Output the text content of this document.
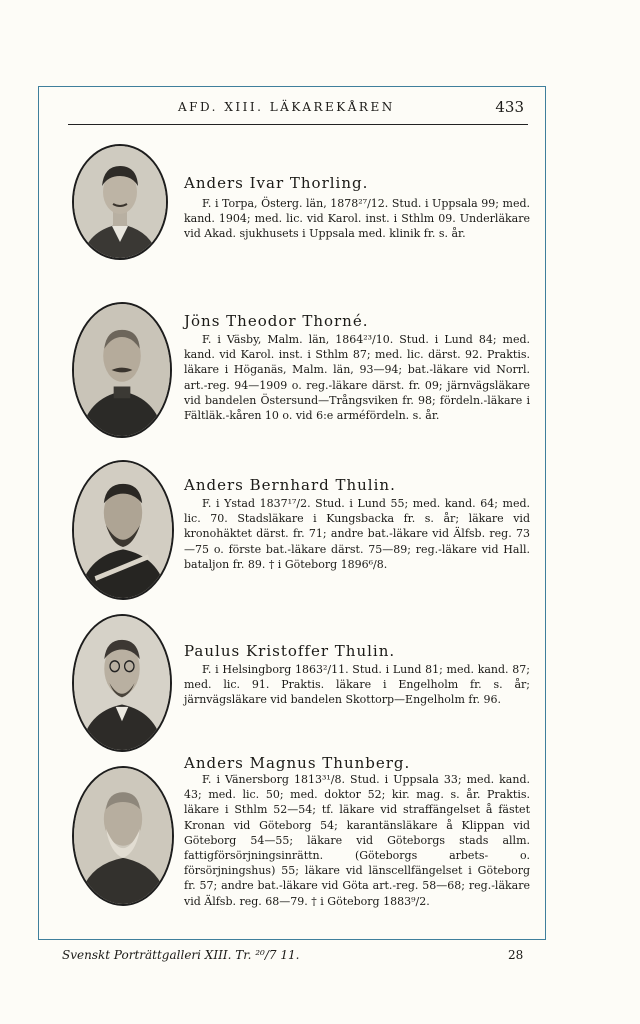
AFD. XIII. LÄKAREKÅREN	433
Anders Ivar Thorling.
F. i Torpa, Österg. län, 1878²⁷/12. Stud. i Uppsala 99; med. kand. 1904; med. lic. vid Karol. inst. i Sthlm 09. Underläkare vid Akad. sjukhusets i Uppsala med. klinik fr. s. år.
Jöns Theodor Thorné.
F. i Väsby, Malm. län, 1864²³/10. Stud. i Lund 84; med. kand. vid Karol. inst. i Sthlm 87; med. lic. därst. 92. Praktis. läkare i Höganäs, Malm. län, 93—94; bat.-läkare vid Norrl. art.-reg. 94—1909 o. reg.-läkare därst. fr. 09; järnvägsläkare vid bandelen Östersund—Trångsviken fr. 98; fördeln.-läkare i Fältläk.-kåren 10 o. vid 6:e arméfördeln. s. år.
Anders Bernhard Thulin.
F. i Ystad 1837¹⁷/2. Stud. i Lund 55; med. kand. 64; med. lic. 70. Stadsläkare i Kungsbacka fr. s. år; läkare vid kronohäktet därst. fr. 71; andre bat.-läkare vid Älfsb. reg. 73—75 o. förste bat.-läkare därst. 75—89; reg.-läkare vid Hall. bataljon fr. 89. † i Göteborg 1896⁶/8.
Paulus Kristoffer Thulin.
F. i Helsingborg 1863²/11. Stud. i Lund 81; med. kand. 87; med. lic. 91. Praktis. läkare i Engelholm fr. s. år; järnvägsläkare vid bandelen Skottorp—Engelholm fr. 96.
Anders Magnus Thunberg.
F. i Vänersborg 1813³¹/8. Stud. i Uppsala 33; med. kand. 43; med. lic. 50; med. doktor 52; kir. mag. s. år. Praktis. läkare i Sthlm 52—54; tf. läkare vid straffängelset å fästet Kronan vid Göteborg 54; karantänsläkare å Klippan vid Göteborg 54—55; läkare vid Göteborgs stads allm. fattigförsörjningsinrättn. (Göteborgs arbets- o. försörjningshus) 55; läkare vid länscellfängelset i Göteborg fr. 57; andre bat.-läkare vid Göta art.-reg. 58—68; reg.-läkare vid Älfsb. reg. 68—79. † i Göteborg 1883⁹/2.
Svenskt Porträttgalleri XIII. Tr. ²⁰/7 11.	28
